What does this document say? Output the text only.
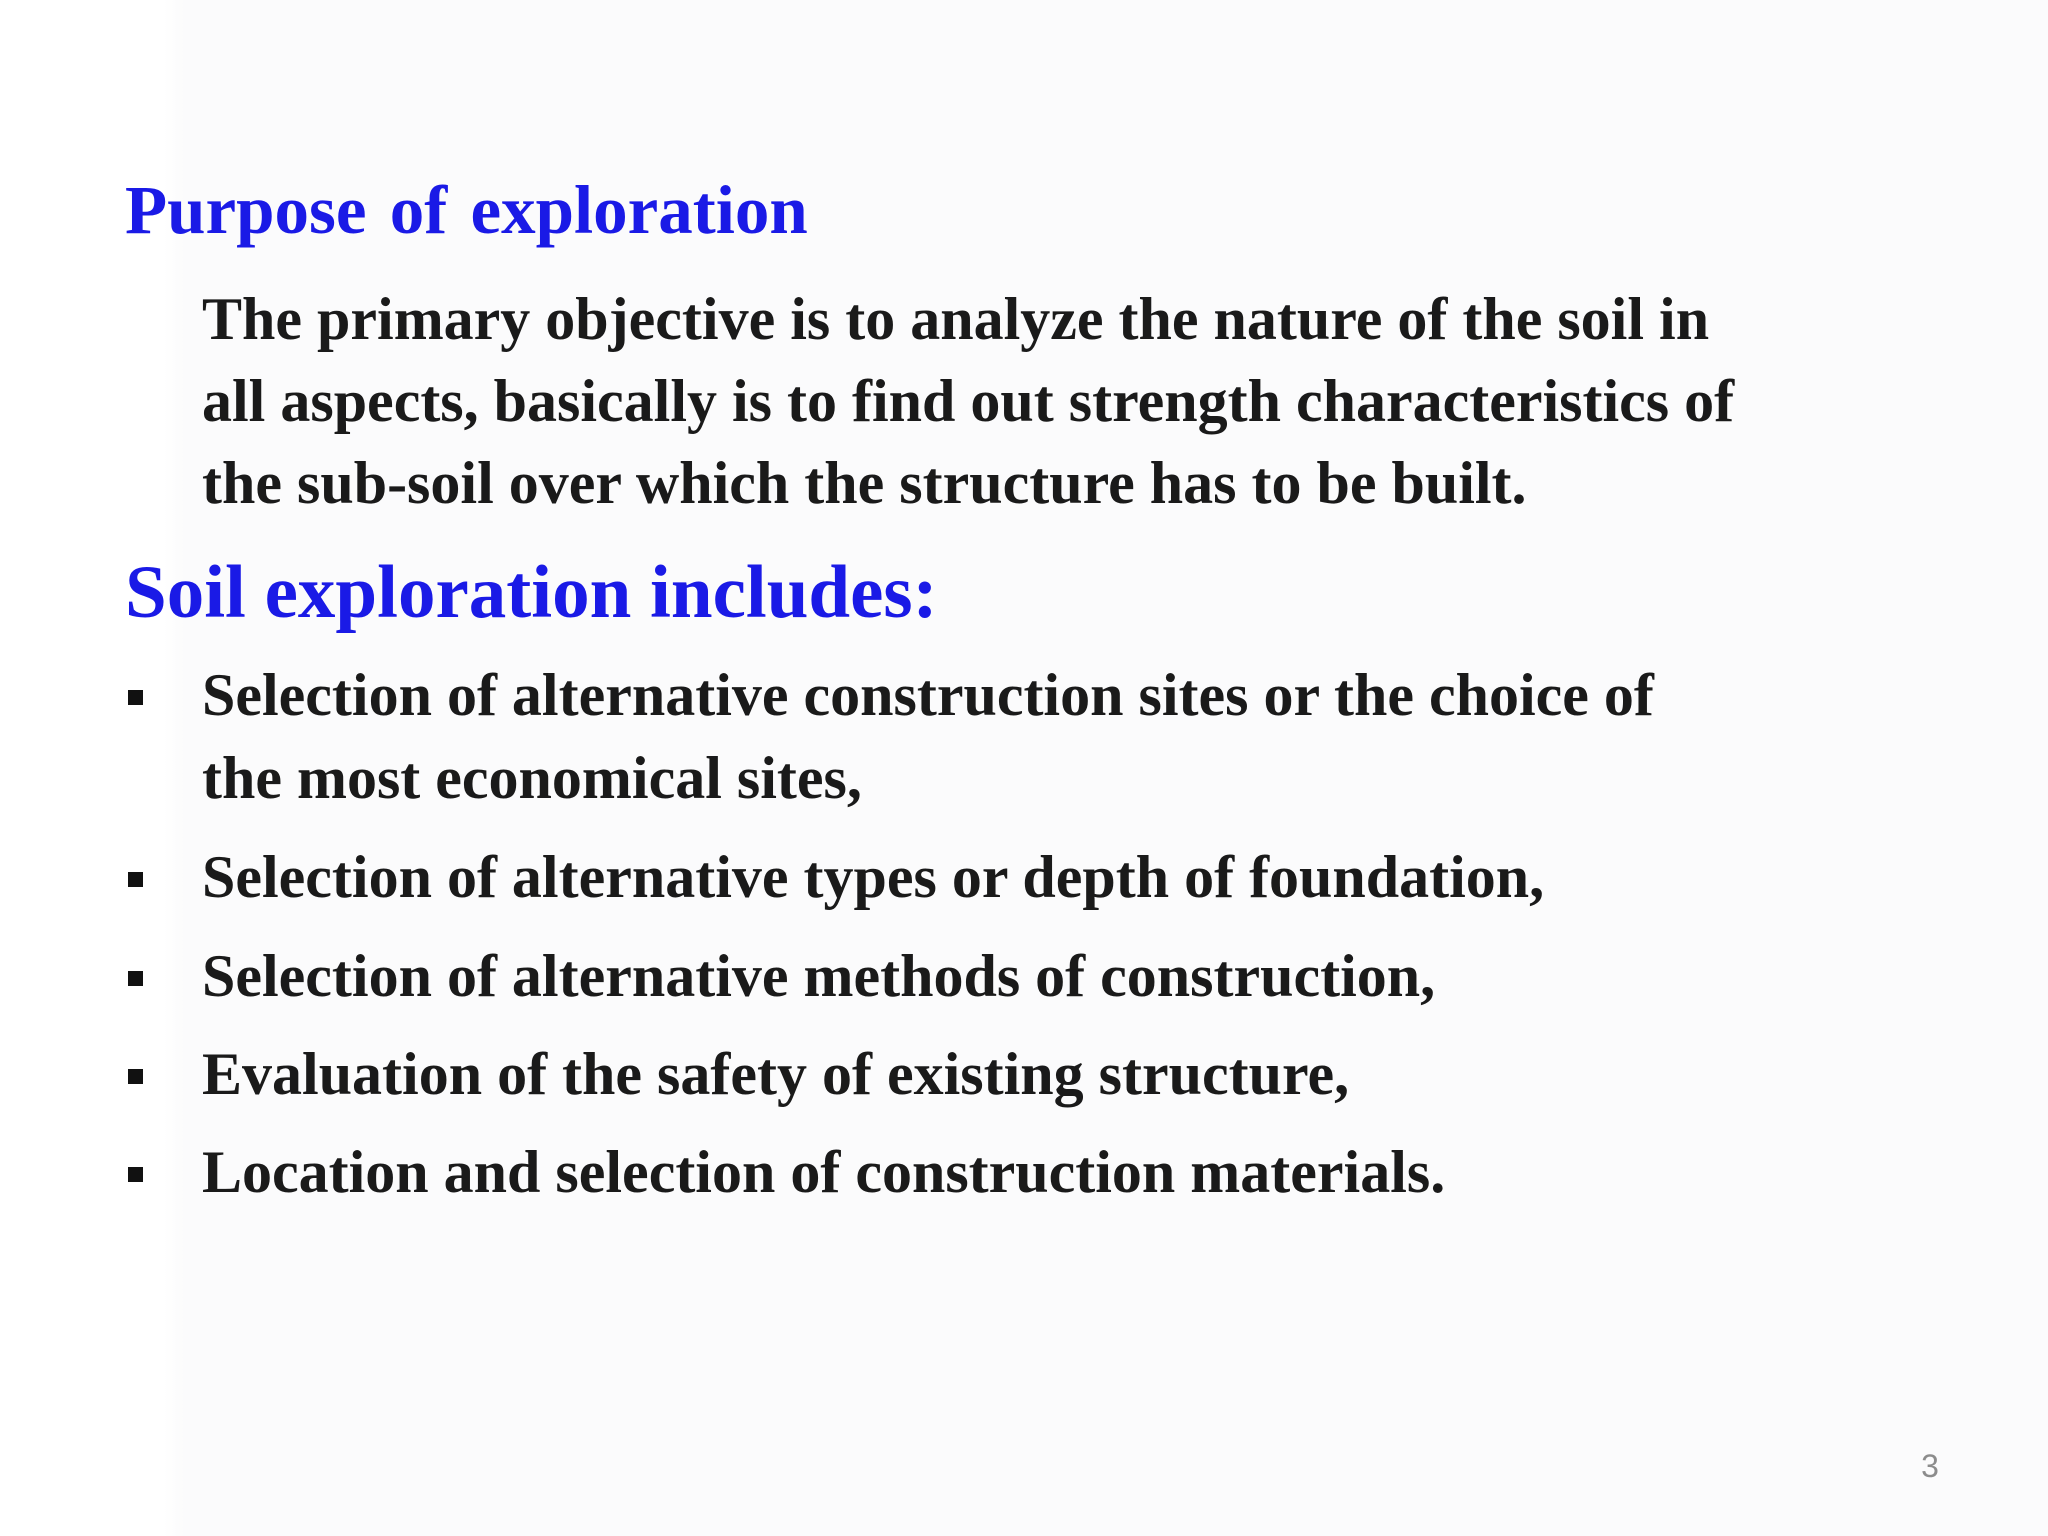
Purpose of exploration

The primary objective is to analyze the nature of the soil in
all aspects, basically is to find out strength characteristics of
the sub-soil over which the structure has to be built.

Soil exploration includes:
Selection of alternative construction sites or the choice of
the most economical sites,
Selection of alternative types or depth of foundation,
Selection of alternative methods of construction,
Evaluation of the safety of existing structure,
Location and selection of construction materials.
3
